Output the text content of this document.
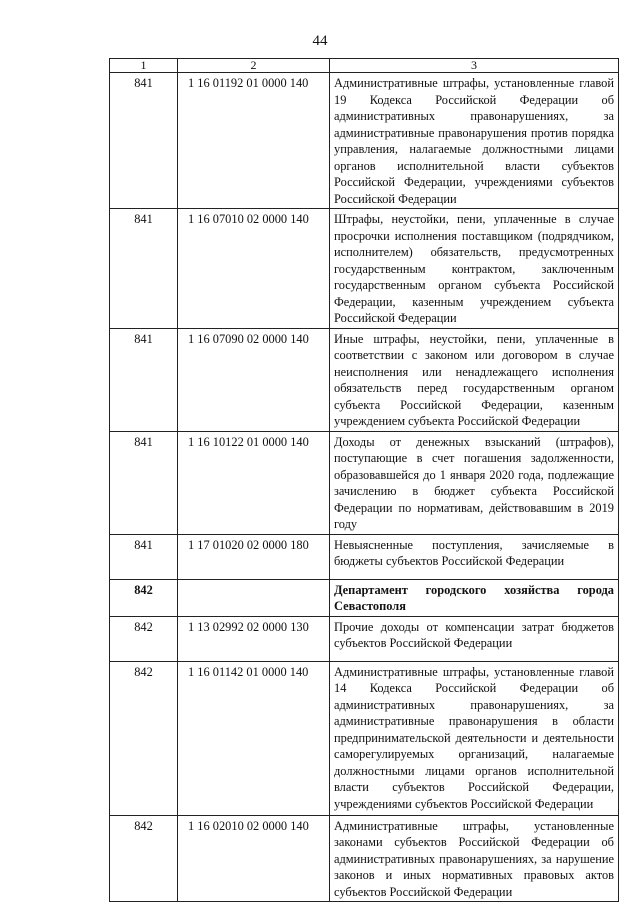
44
1	2	3
841	1 16 01192 01 0000 140	Административные штрафы, установленные главой 19 Кодекса Российской Федерации об административных правонарушениях, за административные правонарушения против порядка управления, налагаемые должностными лицами органов исполнительной власти субъектов Российской Федерации, учреждениями субъектов Российской Федерации
841	1 16 07010 02 0000 140	Штрафы, неустойки, пени, уплаченные в случае просрочки исполнения поставщиком (подрядчиком, исполнителем) обязательств, предусмотренных государственным контрактом, заключенным государственным органом субъекта Российской Федерации, казенным учреждением субъекта Российской Федерации
841	1 16 07090 02 0000 140	Иные штрафы, неустойки, пени, уплаченные в соответствии с законом или договором в случае неисполнения или ненадлежащего исполнения обязательств перед государственным органом субъекта Российской Федерации, казенным учреждением субъекта Российской Федерации
841	1 16 10122 01 0000 140	Доходы от денежных взысканий (штрафов), поступающие в счет погашения задолженности, образовавшейся до 1 января 2020 года, подлежащие зачислению в бюджет субъекта Российской Федерации по нормативам, действовавшим в 2019 году
841	1 17 01020 02 0000 180	Невыясненные поступления, зачисляемые в бюджеты субъектов Российской Федерации
842		Департамент городского хозяйства города Севастополя
842	1 13 02992 02 0000 130	Прочие доходы от компенсации затрат бюджетов субъектов Российской Федерации
842	1 16 01142 01 0000 140	Административные штрафы, установленные главой 14 Кодекса Российской Федерации об административных правонарушениях, за административные правонарушения в области предпринимательской деятельности и деятельности саморегулируемых организаций, налагаемые должностными лицами органов исполнительной власти субъектов Российской Федерации, учреждениями субъектов Российской Федерации
842	1 16 02010 02 0000 140	Административные штрафы, установленные законами субъектов Российской Федерации об административных правонарушениях, за нарушение законов и иных нормативных правовых актов субъектов Российской Федерации
